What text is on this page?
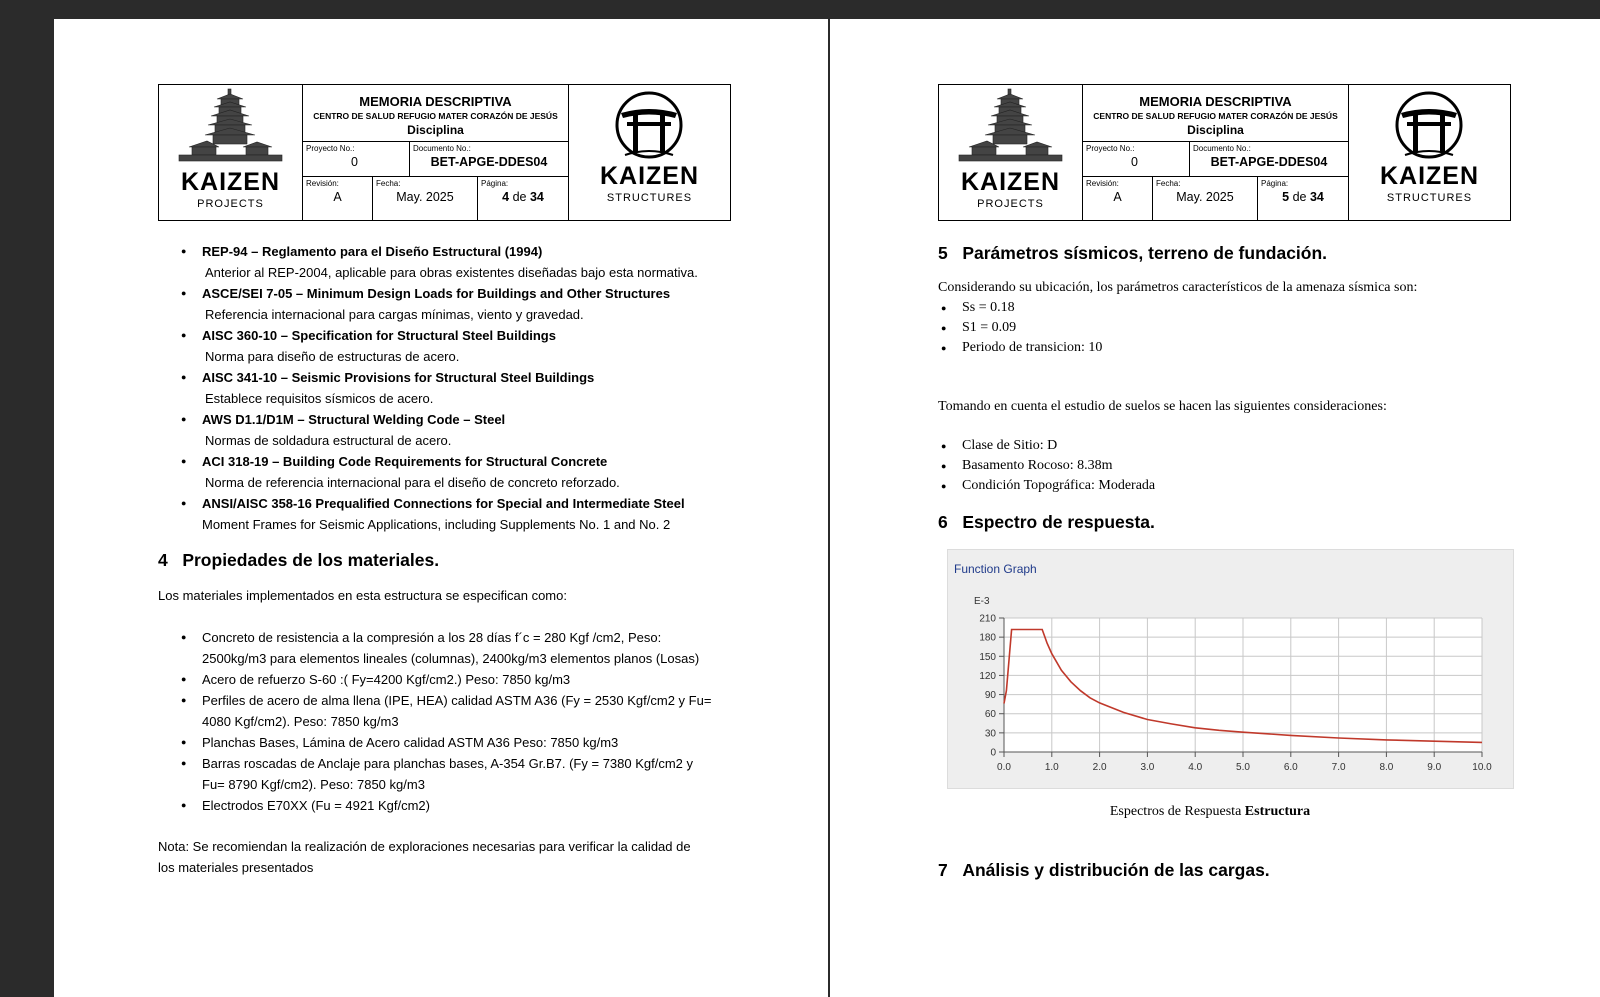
KAIZEN
PROJECTS
MEMORIA DESCRIPTIVA
CENTRO DE SALUD REFUGIO MATER CORAZÓN DE JESÚS
Disciplina
Proyecto No.:
0
Documento No.:
BET-APGE-DDES04
Revisión:
A
Fecha:
May. 2025
Página:
4 de 34
KAIZEN
STRUCTURES
● REP-94 – Reglamento para el Diseño Estructural (1994)
Anterior al REP-2004, aplicable para obras existentes diseñadas bajo esta normativa.
● ASCE/SEI 7-05 – Minimum Design Loads for Buildings and Other Structures
Referencia internacional para cargas mínimas, viento y gravedad.
● AISC 360-10 – Specification for Structural Steel Buildings
Norma para diseño de estructuras de acero.
● AISC 341-10 – Seismic Provisions for Structural Steel Buildings
Establece requisitos sísmicos de acero.
● AWS D1.1/D1M – Structural Welding Code – Steel
Normas de soldadura estructural de acero.
● ACI 318-19 – Building Code Requirements for Structural Concrete
Norma de referencia internacional para el diseño de concreto reforzado.
● ANSI/AISC 358-16 Prequalified Connections for Special and Intermediate Steel
Moment Frames for Seismic Applications, including Supplements No. 1 and No. 2
4 Propiedades de los materiales.
Los materiales implementados en esta estructura se especifican como:
● Concreto de resistencia a la compresión a los 28 días f´c = 280 Kgf /cm2, Peso:
2500kg/m3 para elementos lineales (columnas), 2400kg/m3 elementos planos (Losas)
● Acero de refuerzo S-60 :( Fy=4200 Kgf/cm2.) Peso: 7850 kg/m3
● Perfiles de acero de alma llena (IPE, HEA) calidad ASTM A36 (Fy = 2530 Kgf/cm2 y Fu=
4080 Kgf/cm2). Peso: 7850 kg/m3
● Planchas Bases, Lámina de Acero calidad ASTM A36 Peso: 7850 kg/m3
● Barras roscadas de Anclaje para planchas bases, A-354 Gr.B7. (Fy = 7380 Kgf/cm2 y
Fu= 8790 Kgf/cm2). Peso: 7850 kg/m3
● Electrodos E70XX (Fu = 4921 Kgf/cm2)
Nota: Se recomiendan la realización de exploraciones necesarias para verificar la calidad de
los materiales presentados
KAIZEN
PROJECTS
MEMORIA DESCRIPTIVA
CENTRO DE SALUD REFUGIO MATER CORAZÓN DE JESÚS
Disciplina
Proyecto No.:
0
Documento No.:
BET-APGE-DDES04
Revisión:
A
Fecha:
May. 2025
Página:
5 de 34
KAIZEN
STRUCTURES
5 Parámetros sísmicos, terreno de fundación.
Considerando su ubicación, los parámetros característicos de la amenaza sísmica son:
● Ss = 0.18
● S1 = 0.09
● Periodo de transicion: 10
Tomando en cuenta el estudio de suelos se hacen las siguientes consideraciones:
● Clase de Sitio: D
● Basamento Rocoso: 8.38m
● Condición Topográfica: Moderada
6 Espectro de respuesta.
Function Graph
0
30
60
90
120
150
180
210
0.0	1.0	2.0	3.0	4.0	5.0	6.0	7.0	8.0	9.0	10.0
E-3
Espectros de Respuesta Estructura
7 Análisis y distribución de las cargas.
